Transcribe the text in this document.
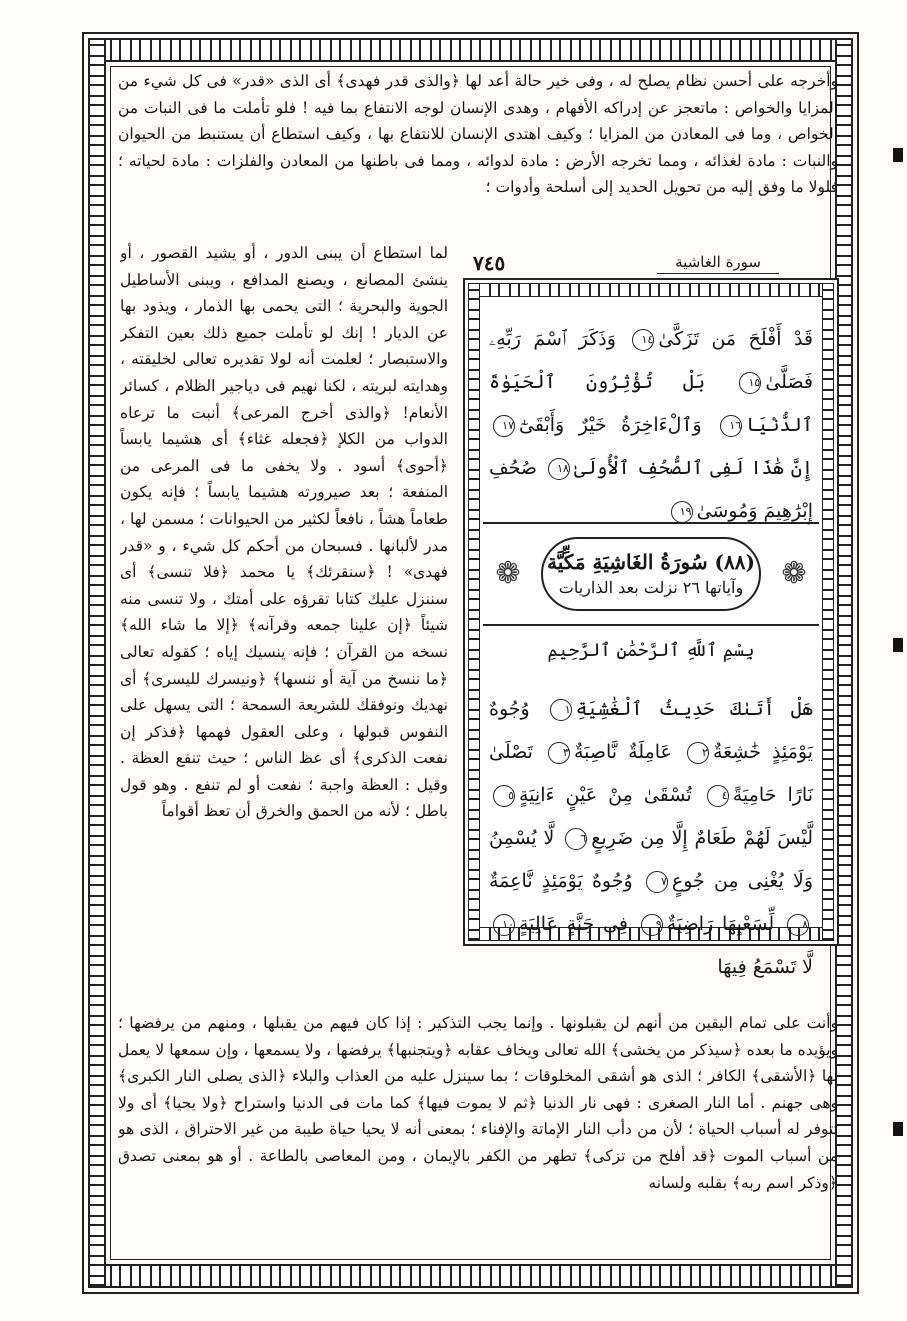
وأخرجه على أحسن نظام يصلح له ، وفى خير حالة أعد لها ﴿والذى قدر فهدى﴾ أى الذى «قدر» فى كل شيء من المزايا والخواص : ماتعجز عن إدراكه الأفهام ، وهدى الإنسان لوجه الانتفاع بما فيه ! فلو تأملت ما فى النبات من الخواص ، وما فى المعادن من المزايا ؛ وكيف اهتدى الإنسان للانتفاع بها ، وكيف استطاع أن يستنبط من الحيوان والنبات : مادة لغذائه ، ومما تخرجه الأرض : مادة لدوائه ، ومما فى باطنها من المعادن والفلزات : مادة لحياته ؛ فلولا ما وفق إليه من تحويل الحديد إلى أسلحة وأدوات ؛

لما استطاع أن يبنى الدور ، أو يشيد القصور ، أو ينشئ المصانع ، ويصنع المدافع ، ويبنى الأساطيل الجوية والبحرية ؛ التى يحمى بها الذمار ، ويذود بها عن الديار ! إنك لو تأملت جميع ذلك بعين التفكر والاستبصار ؛ لعلمت أنه لولا تقديره تعالى لخليقته ، وهدايته لبريته ، لكنا نهيم فى دياجير الظلام ، كسائر الأنعام! ﴿والذى أخرج المرعى﴾ أنبت ما ترعاه الدواب من الكلإ ﴿فجعله غثاء﴾ أى هشيما يابساً ﴿أحوى﴾ أسود . ولا يخفى ما فى المرعى من المنفعة ؛ بعد صيرورته هشيما يابساً ؛ فإنه يكون طعاماً هشاً ، نافعاً لكثير من الحيوانات ؛ مسمن لها ، مدر لألبانها . فسبحان من أحكم كل شيء ، و «قدر فهدى» ! ﴿سنقرئك﴾ يا محمد ﴿فلا تنسى﴾ أى سننزل عليك كتابا تقرؤه على أمتك ، ولا تنسى منه شيئاً ﴿إن علينا جمعه وقرآنه﴾ ﴿إلا ما شاء الله﴾ نسخه من القرآن ؛ فإنه ينسيك إياه ؛ كقوله تعالى ﴿ما ننسخ من آية أو ننسها﴾ ﴿ونيسرك لليسرى﴾ أى نهديك ونوفقك للشريعة السمحة ؛ التى يسهل على النفوس قبولها ، وعلى العقول فهمها ﴿فذكر إن نفعت الذكرى﴾ أى عظ الناس ؛ حيث تنفع العظة . وقيل : العظة واجبة ؛ نفعت أو لم تنفع . وهو قول باطل ؛ لأنه من الحمق والخرق أن تعظ أقواماً

سورة الغاشية
٧٤٥
قَدْ أَفْلَحَ مَن تَزَكَّىٰ١٤ وَذَكَرَ ٱسْمَ رَبِّهِۦ فَصَلَّىٰ١٥ بَلْ تُؤْثِرُونَ ٱلْحَيَوٰةَ ٱلدُّنْيَا١٦ وَٱلْءَاخِرَةُ خَيْرٌ وَأَبْقَىٰٓ١٧ إِنَّ هَٰذَا لَفِى ٱلصُّحُفِ ٱلْأُولَىٰ١٨ صُحُفِ إِبْرَٰهِيمَ وَمُوسَىٰ١٩
❁	(٨٨) سُورَةُ الغَاشِيَةِ مَكِّيَّة
وآياتها ٢٦ نزلت بعد الذاريات	❁
بِسْمِ ٱللَّهِ ٱلرَّحْمَٰنِ ٱلرَّحِيمِ
هَلْ أَتَىٰكَ حَدِيثُ ٱلْغَٰشِيَةِ١ وُجُوهٌ يَوْمَئِذٍ خَٰشِعَةٌ٢ عَامِلَةٌ نَّاصِبَةٌ٣ تَصْلَىٰ نَارًا حَامِيَةً٤ تُسْقَىٰ مِنْ عَيْنٍ ءَانِيَةٍ٥ لَّيْسَ لَهُمْ طَعَامٌ إِلَّا مِن ضَرِيعٍ٦ لَّا يُسْمِنُ وَلَا يُغْنِى مِن جُوعٍ٧ وُجُوهٌ يَوْمَئِذٍ نَّاعِمَةٌ٨ لِّسَعْيِهَا رَاضِيَةٌ٩ فِى جَنَّةٍ عَالِيَةٍ١٠ لَّا تَسْمَعُ فِيهَا

وأنت على تمام اليقين من أنهم لن يقبلونها . وإنما يجب التذكير : إذا كان فيهم من يقبلها ، ومنهم من يرفضها ؛ ويؤيده ما بعده ﴿سيذكر من يخشى﴾ الله تعالى ويخاف عقابه ﴿ويتجنبها﴾ يرفضها ، ولا يسمعها ، وإن سمعها لا يعمل بها ﴿الأشقى﴾ الكافر ؛ الذى هو أشقى المخلوقات ؛ بما سينزل عليه من العذاب والبلاء ﴿الذى يصلى النار الكبرى﴾ وهى جهنم . أما النار الصغرى : فهى نار الدنيا ﴿ثم لا يموت فيها﴾ كما مات فى الدنيا واستراح ﴿ولا يحيا﴾ أى ولا تتوفر له أسباب الحياة ؛ لأن من دأب النار الإماتة والإفناء ؛ بمعنى أنه لا يحيا حياة طيبة من غير الاحتراق ، الذى هو من أسباب الموت ﴿قد أفلح من تزكى﴾ تطهر من الكفر بالإيمان ، ومن المعاصى بالطاعة . أو هو بمعنى تصدق ﴿وذكر اسم ربه﴾ بقلبه ولسانه
